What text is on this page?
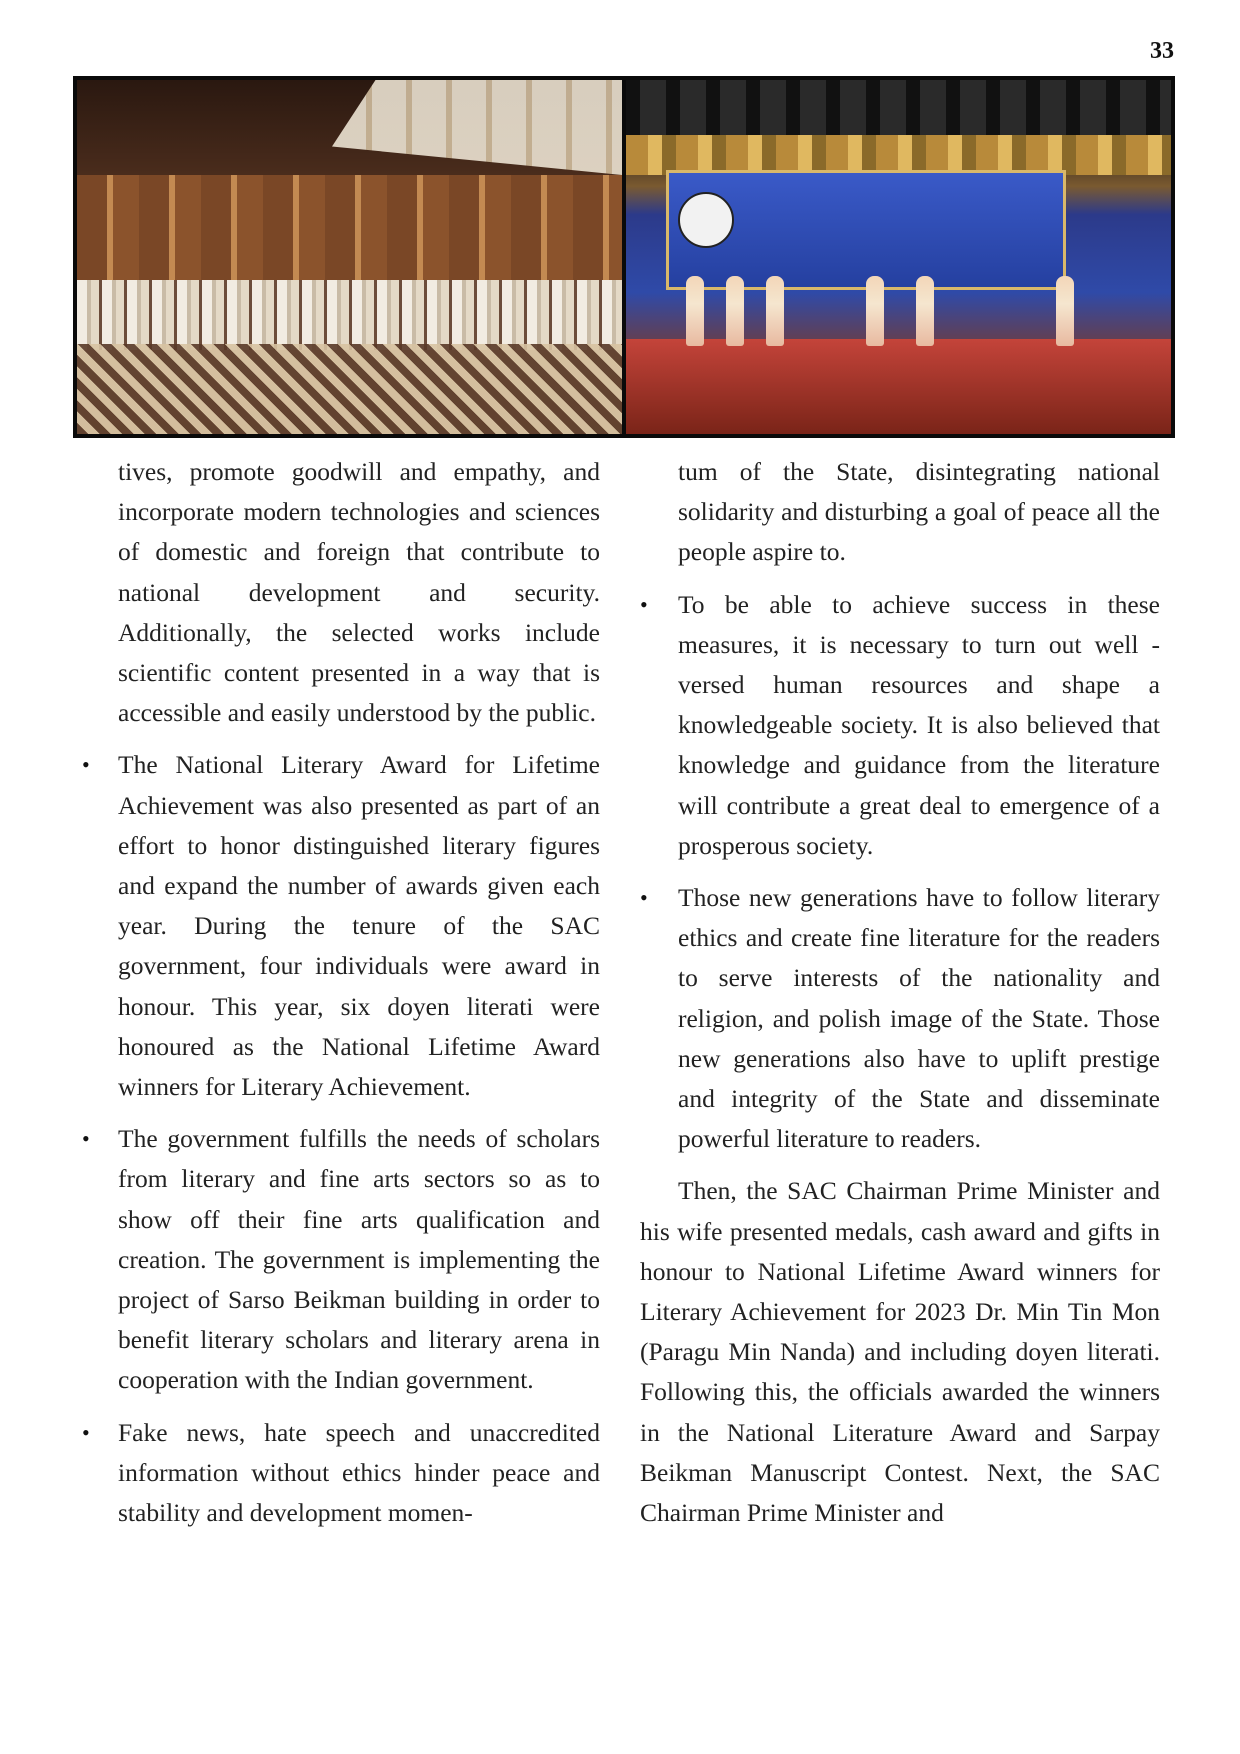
33

tives, promote goodwill and empathy, and incorporate modern technologies and sciences of domestic and foreign that contribute to national development and security. Additionally, the selected works include scientific content presented in a way that is accessible and easily understood by the public.

• The National Literary Award for Lifetime Achievement was also presented as part of an effort to honor distinguished literary figures and expand the number of awards given each year. During the tenure of the SAC government, four individuals were award in honour. This year, six doyen literati were honoured as the National Lifetime Award winners for Literary Achievement.

• The government fulfills the needs of scholars from literary and fine arts sectors so as to show off their fine arts qualification and creation. The government is implementing the project of Sarso Beikman building in order to benefit literary scholars and literary arena in cooperation with the Indian government.

• Fake news, hate speech and unaccredited information without ethics hinder peace and stability and development momen-

tum of the State, disintegrating national solidarity and disturbing a goal of peace all the people aspire to.

• To be able to achieve success in these measures, it is necessary to turn out well -versed human resources and shape a knowledgeable society. It is also believed that knowledge and guidance from the literature will contribute a great deal to emergence of a prosperous society.

• Those new generations have to follow literary ethics and create fine literature for the readers to serve interests of the nationality and religion, and polish image of the State. Those new generations also have to uplift prestige and integrity of the State and disseminate powerful literature to readers.

Then, the SAC Chairman Prime Minister and his wife presented medals, cash award and gifts in honour to National Lifetime Award winners for Literary Achievement for 2023 Dr. Min Tin Mon (Paragu Min Nanda) and including doyen literati. Following this, the officials awarded the winners in the National Literature Award and Sarpay Beikman Manuscript Contest. Next, the SAC Chairman Prime Minister and
